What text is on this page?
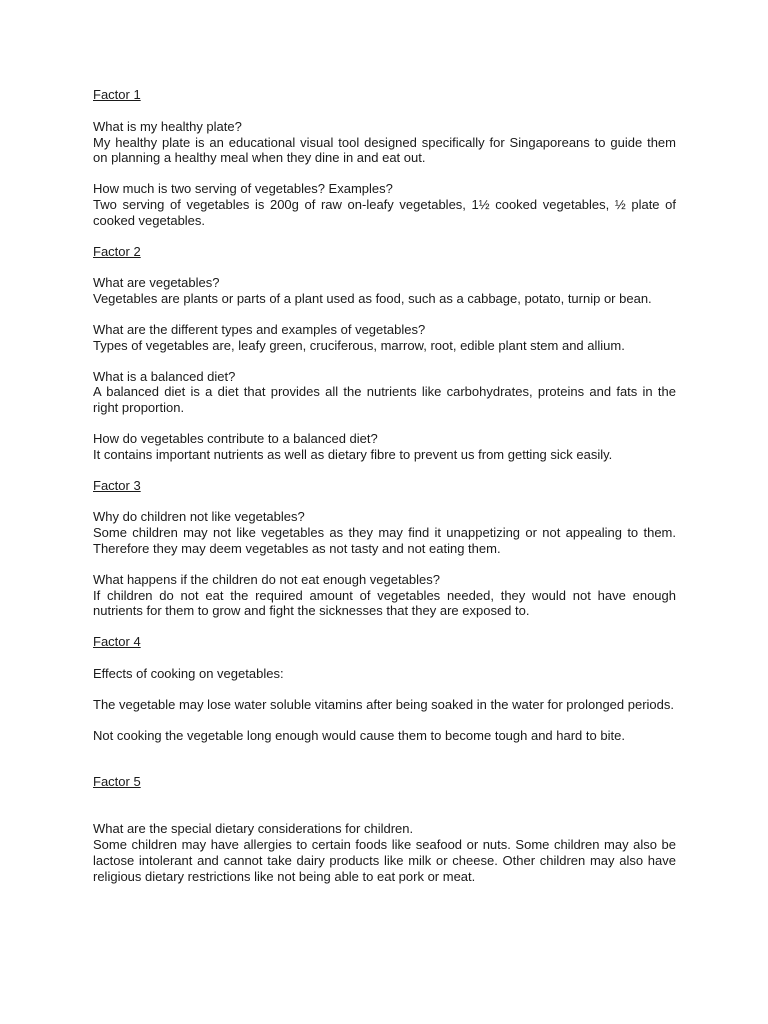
Factor 1

What is my healthy plate?

My healthy plate is an educational visual tool designed specifically for Singaporeans to guide them on planning a healthy meal when they dine in and eat out.

How much is two serving of vegetables? Examples?

Two serving of vegetables is 200g of raw on-leafy vegetables, 1½ cooked vegetables, ½ plate of cooked vegetables.

Factor 2

What are vegetables?

Vegetables are plants or parts of a plant used as food, such as a cabbage, potato, turnip or bean.

What are the different types and examples of vegetables?

Types of vegetables are, leafy green, cruciferous, marrow, root, edible plant stem and allium.

What is a balanced diet?

A balanced diet is a diet that provides all the nutrients like carbohydrates, proteins and fats in the right proportion.

How do vegetables contribute to a balanced diet?

It contains important nutrients as well as dietary fibre to prevent us from getting sick easily.

Factor 3

Why do children not like vegetables?

Some children may not like vegetables as they may find it unappetizing or not appealing to them. Therefore they may deem vegetables as not tasty and not eating them.

What happens if the children do not eat enough vegetables?

If children do not eat the required amount of vegetables needed, they would not have enough nutrients for them to grow and fight the sicknesses that they are exposed to.

Factor 4

Effects of cooking on vegetables:

The vegetable may lose water soluble vitamins after being soaked in the water for prolonged periods.

Not cooking the vegetable long enough would cause them to become tough and hard to bite.

Factor 5

What are the special dietary considerations for children.

Some children may have allergies to certain foods like seafood or nuts. Some children may also be lactose intolerant and cannot take dairy products like milk or cheese. Other children may also have religious dietary restrictions like not being able to eat pork or meat.
